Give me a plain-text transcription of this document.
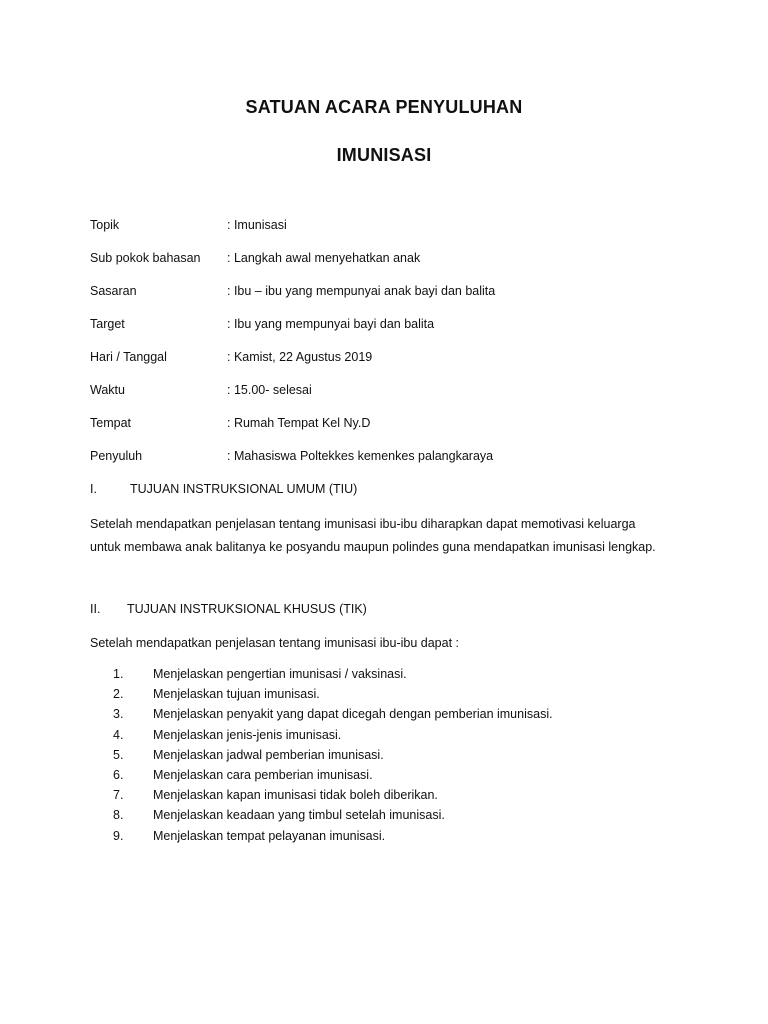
SATUAN ACARA PENYULUHAN
IMUNISASI
Topik	: Imunisasi
Sub pokok bahasan : Langkah awal menyehatkan anak
Sasaran	: Ibu – ibu yang mempunyai anak bayi dan balita
Target	: Ibu yang mempunyai bayi dan balita
Hari / Tanggal	: Kamist, 22 Agustus 2019
Waktu	: 15.00- selesai
Tempat	: Rumah Tempat Kel Ny.D
Penyuluh	: Mahasiswa Poltekkes kemenkes palangkaraya
I.	TUJUAN INSTRUKSIONAL UMUM (TIU)
Setelah mendapatkan penjelasan tentang imunisasi ibu-ibu diharapkan dapat memotivasi keluarga
untuk membawa anak balitanya ke posyandu maupun polindes guna mendapatkan imunisasi lengkap.
II. TUJUAN INSTRUKSIONAL KHUSUS (TIK)
Setelah mendapatkan penjelasan tentang imunisasi ibu-ibu dapat :
1. Menjelaskan pengertian imunisasi / vaksinasi.
2. Menjelaskan tujuan imunisasi.
3. Menjelaskan penyakit yang dapat dicegah dengan pemberian imunisasi.
4. Menjelaskan jenis-jenis imunisasi.
5. Menjelaskan jadwal pemberian imunisasi.
6. Menjelaskan cara pemberian imunisasi.
7. Menjelaskan kapan imunisasi tidak boleh diberikan.
8. Menjelaskan keadaan yang timbul setelah imunisasi.
9. Menjelaskan tempat pelayanan imunisasi.
